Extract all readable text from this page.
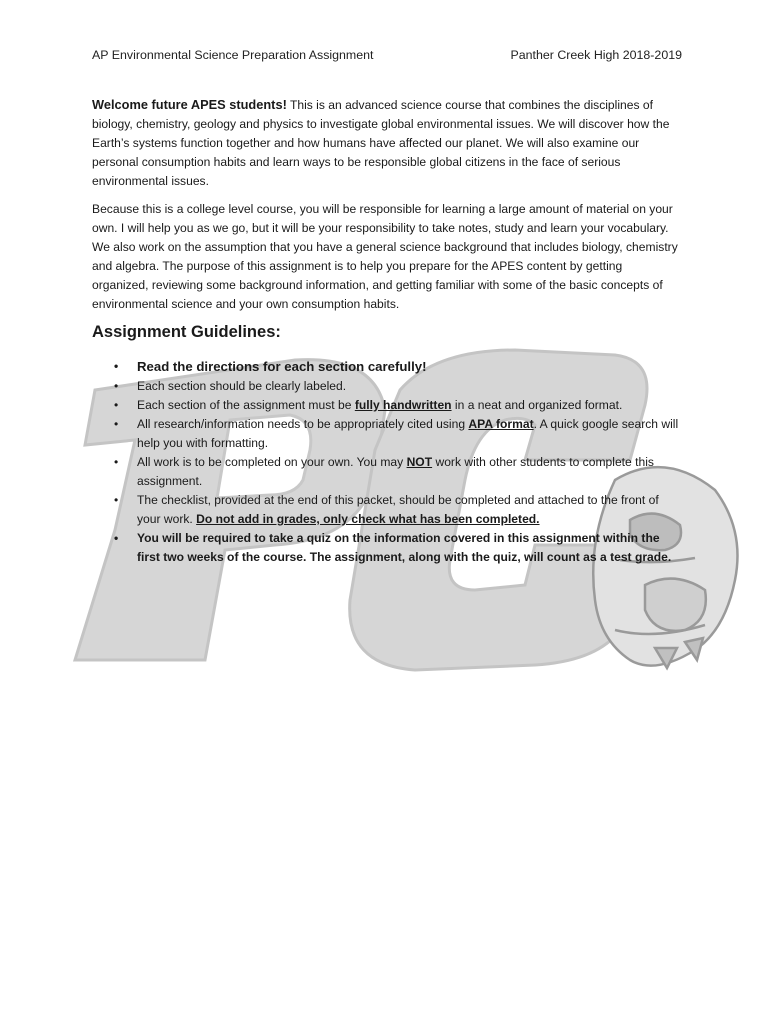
AP Environmental Science Preparation Assignment	Panther Creek High 2018-2019

Welcome future APES students! This is an advanced science course that combines the disciplines of biology, chemistry, geology and physics to investigate global environmental issues. We will discover how the Earth’s systems function together and how humans have affected our planet. We will also examine our personal consumption habits and learn ways to be responsible global citizens in the face of serious environmental issues.

Because this is a college level course, you will be responsible for learning a large amount of material on your own. I will help you as we go, but it will be your responsibility to take notes, study and learn your vocabulary. We also work on the assumption that you have a general science background that includes biology, chemistry and algebra. The purpose of this assignment is to help you prepare for the APES content by getting organized, reviewing some background information, and getting familiar with some of the basic concepts of environmental science and your own consumption habits.

Assignment Guidelines:
• Read the directions for each section carefully!
• Each section should be clearly labeled.
• Each section of the assignment must be fully handwritten in a neat and organized format.
• All research/information needs to be appropriately cited using APA format. A quick google search will help you with formatting.
• All work is to be completed on your own. You may NOT work with other students to complete this assignment.
• The checklist, provided at the end of this packet, should be completed and attached to the front of your work. Do not add in grades, only check what has been completed.
• You will be required to take a quiz on the information covered in this assignment within the first two weeks of the course. The assignment, along with the quiz, will count as a test grade.
